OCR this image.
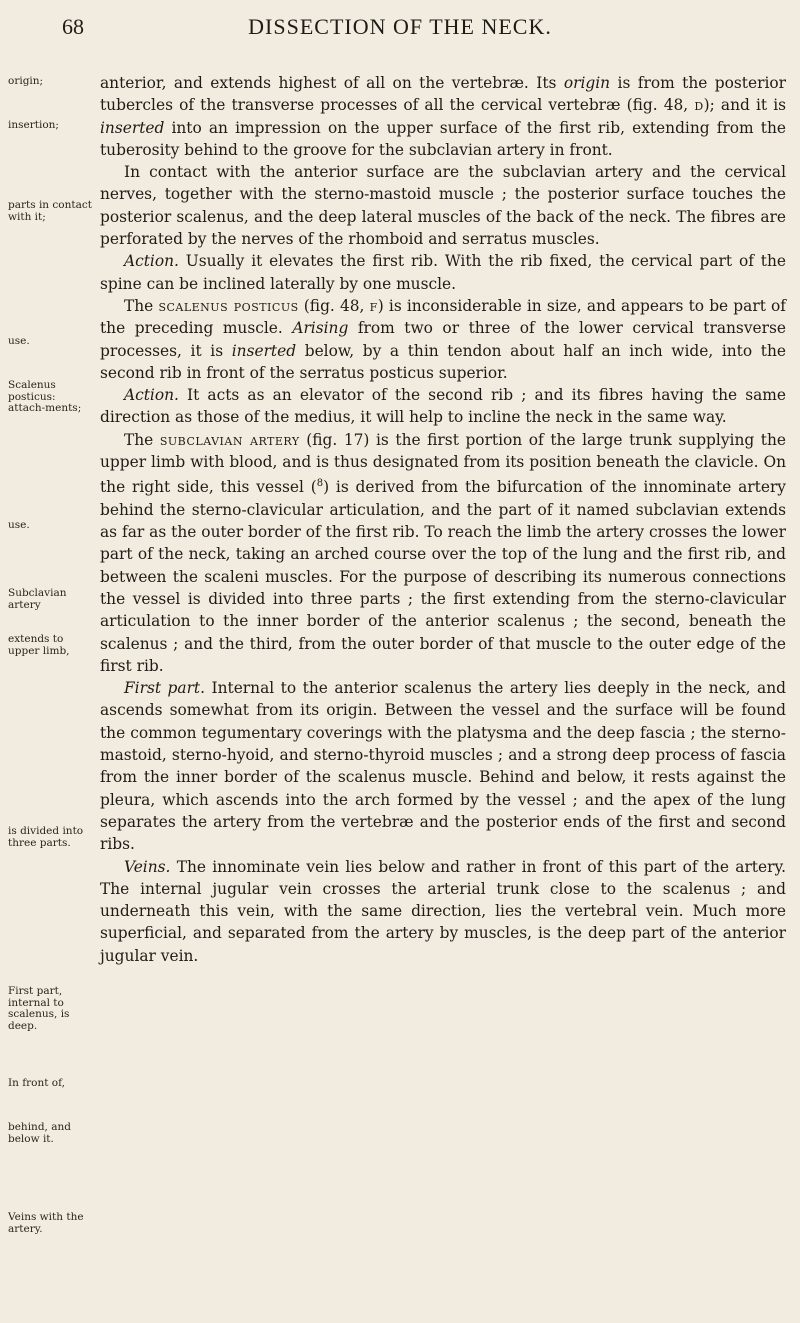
68	DISSECTION OF THE NECK.
origin;
insertion;
parts in contact with it;
use.
Scalenus posticus: attach-ments;
use.
Subclavian artery
extends to upper limb,
is divided into three parts.
First part, internal to scalenus, is deep.
In front of,
behind, and below it.
Veins with the artery.

anterior, and extends highest of all on the vertebræ. Its origin is from the posterior tubercles of the transverse processes of all the cervical vertebræ (fig. 48, d); and it is inserted into an impression on the upper surface of the first rib, extending from the tuberosity behind to the groove for the subclavian artery in front.

In contact with the anterior surface are the subclavian artery and the cervical nerves, together with the sterno-mastoid muscle ; the posterior surface touches the posterior scalenus, and the deep lateral muscles of the back of the neck. The fibres are perforated by the nerves of the rhomboid and serratus muscles.

Action. Usually it elevates the first rib. With the rib fixed, the cervical part of the spine can be inclined laterally by one muscle.

The scalenus posticus (fig. 48, f) is inconsiderable in size, and appears to be part of the preceding muscle. Arising from two or three of the lower cervical transverse processes, it is inserted below, by a thin tendon about half an inch wide, into the second rib in front of the serratus posticus superior.

Action. It acts as an elevator of the second rib ; and its fibres having the same direction as those of the medius, it will help to incline the neck in the same way.

The subclavian artery (fig. 17) is the first portion of the large trunk supplying the upper limb with blood, and is thus designated from its position beneath the clavicle. On the right side, this vessel ($^8$) is derived from the bifurcation of the innominate artery behind the sterno-clavicular articulation, and the part of it named subclavian extends as far as the outer border of the first rib. To reach the limb the artery crosses the lower part of the neck, taking an arched course over the top of the lung and the first rib, and between the scaleni muscles. For the purpose of describing its numerous connections the vessel is divided into three parts ; the first extending from the sterno-clavicular articulation to the inner border of the anterior scalenus ; the second, beneath the scalenus ; and the third, from the outer border of that muscle to the outer edge of the first rib.

First part. Internal to the anterior scalenus the artery lies deeply in the neck, and ascends somewhat from its origin. Between the vessel and the surface will be found the common tegumentary coverings with the platysma and the deep fascia ; the sterno-mastoid, sterno-hyoid, and sterno-thyroid muscles ; and a strong deep process of fascia from the inner border of the scalenus muscle. Behind and below, it rests against the pleura, which ascends into the arch formed by the vessel ; and the apex of the lung separates the artery from the vertebræ and the posterior ends of the first and second ribs.

Veins. The innominate vein lies below and rather in front of this part of the artery. The internal jugular vein crosses the arterial trunk close to the scalenus ; and underneath this vein, with the same direction, lies the vertebral vein. Much more superficial, and separated from the artery by muscles, is the deep part of the anterior jugular vein.
